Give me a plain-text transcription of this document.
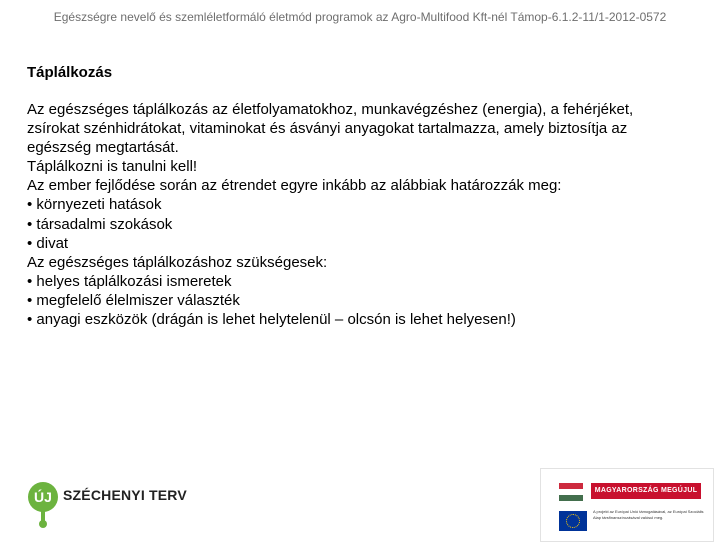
Egészségre nevelő és szemléletformáló életmód programok az Agro-Multifood Kft-nél Támop-6.1.2-11/1-2012-0572
Táplálkozás
Az egészséges táplálkozás az életfolyamatokhoz, munkavégzéshez (energia), a fehérjéket,
zsírokat szénhidrátokat, vitaminokat és ásványi anyagokat tartalmazza, amely biztosítja az
egészség megtartását.
Táplálkozni is tanulni kell!
Az ember fejlődése során az étrendet egyre inkább az alábbiak határozzák meg:
• környezeti hatások
• társadalmi szokások
• divat
Az egészséges táplálkozáshoz szükségesek:
• helyes táplálkozási ismeretek
• megfelelő élelmiszer választék
• anyagi eszközök (drágán is lehet helytelenül – olcsón is lehet helyesen!)
ÚJ SZÉCHENYI TERV	MAGYARORSZÁG MEGÚJUL
A projekt az Európai Unió támogatásával, az Európai Szociális Alap társfinanszírozásával valósul meg.
